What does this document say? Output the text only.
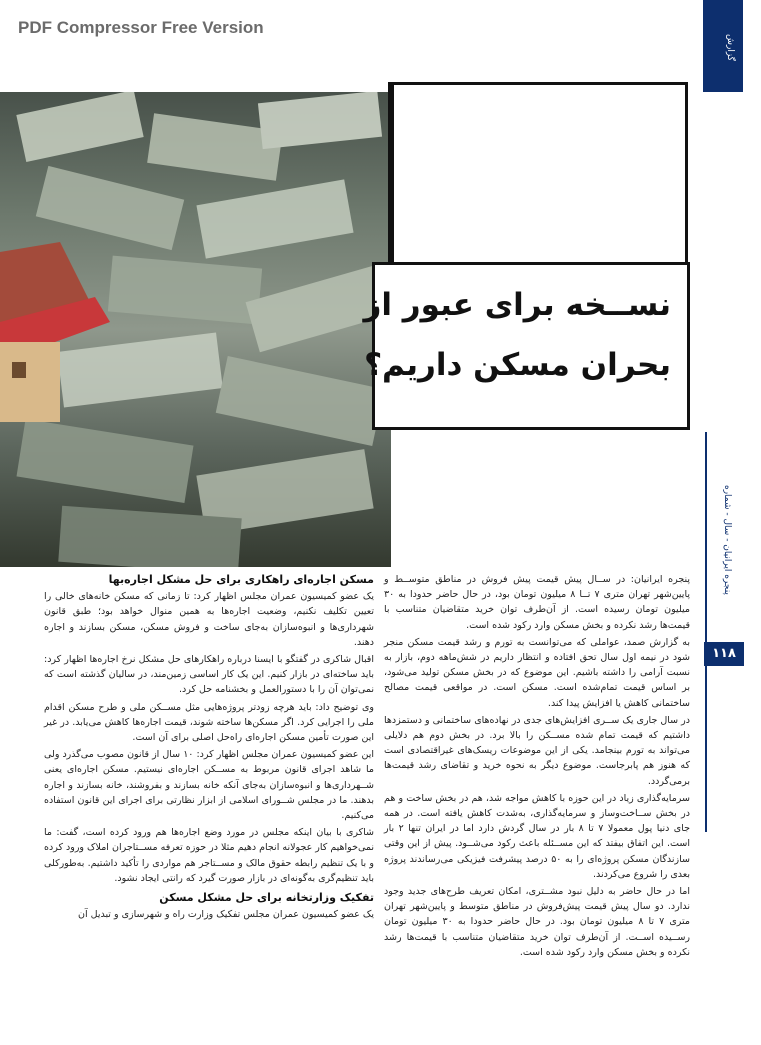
PDF Compressor Free Version
گزارش
نســخه برای عبور از
بحران مسکن داریم؟
پنجره ایرانیان - سال - شماره
۱۱۸

پنجره ایرانیان: در ســال پیش قیمت پیش فروش در مناطق متوســط و پایین‌شهر تهران متری ۷ تــا ۸ میلیون تومان بود، در حال حاضر حدودا به ۳۰ میلیون تومان رسیده است. از آن‌طرف توان خرید متقاضیان متناسب با قیمت‌ها رشد نکرده و بخش مسکن وارد رکود شده است.

به گزارش صمد، عواملی که می‌توانست به تورم و رشد قیمت مسکن منجر شود در نیمه اول سال تحق افتاده و انتظار داریم در شش‌ماهه دوم، بازار به نسبت آرامی را داشته باشیم. این موضوع که در بخش مسکن تولید می‌شود، بر اساس قیمت تمام‌شده است. مسکن است. در مواقعی قیمت مصالح ساختمانی کاهش یا افزایش پیدا کند.

در سال جاری یک ســری افزایش‌های جدی در نهاده‌های ساختمانی و دستمزدها داشتیم که قیمت تمام شده مســکن را بالا برد. در بخش دوم هم دلایلی می‌تواند به تورم بینجامد. یکی از این موضوعات ریسک‌های غیراقتصادی است که هنوز هم پابرجاست. موضوع دیگر به نحوه خرید و تقاضای رشد قیمت‌ها برمی‌گردد.

سرمایه‌گذاری زیاد در این حوزه با کاهش مواجه شد، هم در بخش ساخت و هم در بخش ســاخت‌وساز و سرمایه‌گذاری، به‌شدت کاهش یافته است. در همه جای دنیا پول معمولا ۷ تا ۸ بار در سال گردش دارد اما در ایران تنها ۲ بار است. این اتفاق بیفتد که این مســئله باعث رکود می‌شــود. پیش از این وقتی سازندگان مسکن پروژه‌ای را به ۵۰ درصد پیشرفت فیزیکی می‌رساندند پروژه بعدی را شروع می‌کردند.

اما در حال حاضر به دلیل نبود مشــتری، امکان تعریف طرح‌های جدید وجود ندارد. دو سال پیش قیمت پیش‌فروش در مناطق متوسط و پایین‌شهر تهران متری ۷ تا ۸ میلیون تومان بود. در حال حاضر حدودا به ۳۰ میلیون تومان رســیده اســت. از آن‌طرف توان خرید متقاضیان متناسب با قیمت‌ها رشد نکرده و بخش مسکن وارد رکود شده است.

مسکن اجاره‌ای راهکاری برای حل مشکل اجاره‌بها

یک عضو کمیسیون عمران مجلس اظهار کرد: تا زمانی که مسکن خانه‌های خالی را تعیین تکلیف نکنیم، وضعیت اجاره‌ها به همین منوال خواهد بود؛ طبق قانون شهرداری‌ها و انبوه‌سازان به‌جای ساخت و فروش مسکن، مسکن بسازند و اجاره دهند.

اقبال شاکری در گفتگو با ایسنا درباره راهکارهای حل مشکل نرخ اجاره‌ها اظهار کرد: باید ساخته‌ای در بازار کنیم. این یک کار اساسی زمین‌مند، در سالیان گذشته است که نمی‌توان آن را با دستورالعمل و بخشنامه حل کرد.

وی توضیح داد: باید هرچه زودتر پروژه‌هایی مثل مســکن ملی و طرح مسکن اقدام ملی را اجرایی کرد. اگر مسکن‌ها ساخته شوند، قیمت اجاره‌ها کاهش می‌یابد. در غیر این صورت تأمین مسکن اجاره‌ای راه‌حل اصلی برای آن است.

این عضو کمیسیون عمران مجلس اظهار کرد: ۱۰ سال از قانون مصوب می‌گذرد ولی ما شاهد اجرای قانون مربوط به مســکن اجاره‌ای نیستیم. مسکن اجاره‌ای یعنی شــهرداری‌ها و انبوه‌سازان به‌جای آنکه خانه بسازند و بفروشند، خانه بسازند و اجاره بدهند. ما در مجلس شــورای اسلامی از ابزار نظارتی برای اجرای این قانون استفاده می‌کنیم.

شاکری با بیان اینکه مجلس در مورد وضع اجاره‌ها هم ورود کرده است، گفت: ما نمی‌خواهیم کار عجولانه انجام دهیم مثلا در حوزه تعرفه مســتاجران املاک ورود کرده و با یک تنظیم رابطه حقوق مالک و مســتاجر هم مواردی را تأکید داشتیم. به‌طورکلی باید تنظیم‌گری به‌گونه‌ای در بازار صورت گیرد که رانتی ایجاد نشود.

تفکیک وزارتخانه برای حل مشکل مسکن

یک عضو کمیسیون عمران مجلس تفکیک وزارت راه و شهرسازی و تبدیل آن
